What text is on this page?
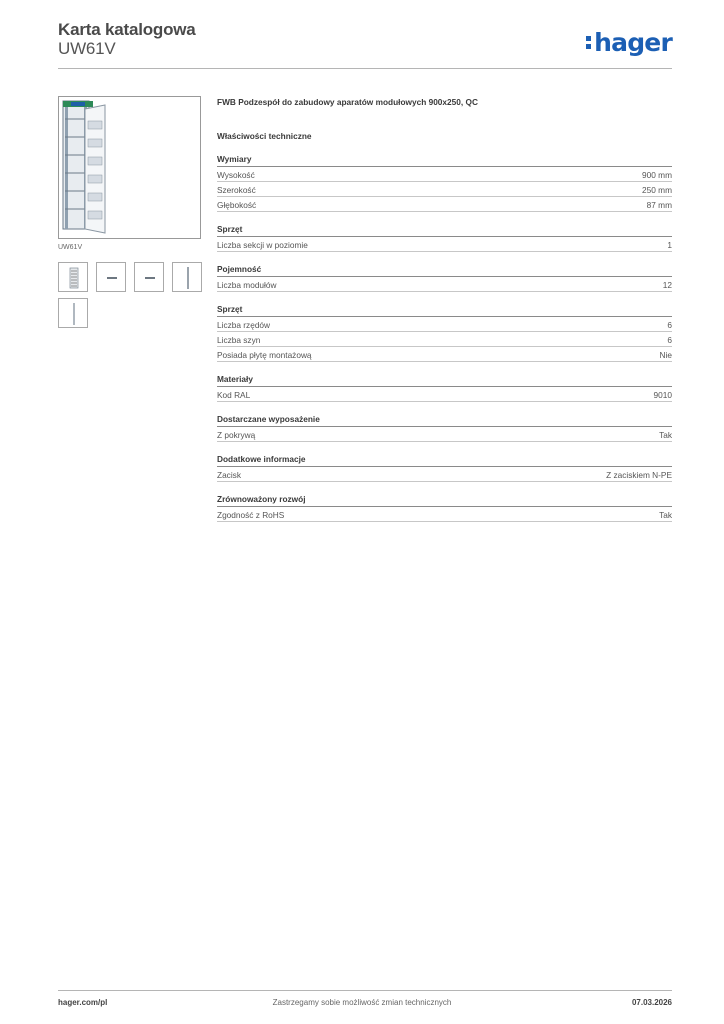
Karta katalogowa
UW61V	hager
UW61V
FWB Podzespół do zabudowy aparatów modułowych 900x250, QC
Właściwości techniczne
Wymiary
Wysokość	900 mm
Szerokość	250 mm
Głębokość	87 mm
Sprzęt
Liczba sekcji w poziomie	1
Pojemność
Liczba modułów	12
Sprzęt
Liczba rzędów	6
Liczba szyn	6
Posiada płytę montażową	Nie
Materiały
Kod RAL	9010
Dostarczane wyposażenie
Z pokrywą	Tak
Dodatkowe informacje
Zacisk	Z zaciskiem N-PE
Zrównoważony rozwój
Zgodność z RoHS	Tak
hager.com/pl	Zastrzegamy sobie możliwość zmian technicznych	07.03.2026
